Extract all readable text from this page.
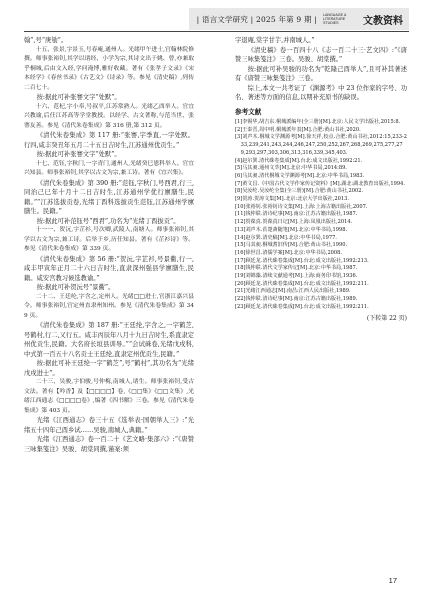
| 语言文学研究 | 2025 年第 9 期 | LANGUAGE & LITERATURE STUDIES	文教资料

翰”,号“庚劬”。

十五、张景,字景玉,号春庵,通州人。光绪甲午进士,官翰林院修撰。师事张裕钊,其学以诸经、小学为宗,其诗文出于姚、曾,亦兼取乎桐城,后由文入经,学问淹博,雅好收藏。著有《张孝子文录》《宋本经学》《春丝书录》《古艺文》《诗录》等。参见《清史稿》,列传二百七十。

按:据此可补张謇文字“处默”。

十六、范杞,字小奉,号叔平,江苏常熟人。光绪乙酉举人。官宜兴教谕,后任江苏高等学堂教授。以经学、古文著称,与范当世、张謇友善。参见《清代朱卷集成》第 316 册,第 312 页。

《清代朱卷集成》第 117 册:“张謇,字季直,一字处默。行四,咸丰癸丑年五月二十五日吉时生,江苏通州优贡生。”

按:据此可补张謇文字“处默”。

十七、范钰,字秋门,一字青门,通州人,光绪癸巳恩科举人。官宜兴知县。师事张裕钊,其学以古文为宗,兼工诗。著有《宜兴集》。

《清代朱卷集成》第 390 册:“范钰,字秋门,号西君,行三,同治己巳年十月十二日吉时生,江苏通州学优行廪膳生,民籍。”“江苏选拔贡卷,光绪丁酉科选拔贡生范钰,江苏通州学廪膳生。民籍。”

按:据此可补范钰号“西君”,功名为“光绪丁酉拔贡”。

十一一、贺沅,字芷衫,号次卿,武陵人,南塘人。师事张裕钊,其学以古文为宗,兼工诗。后举于乡,历任知县。著有《芷衫诗》等。参见《清代朱卷集成》第 339 页。

《清代朱卷集成》第 56 册:“贺沅,字芷衫,号景衢,行一,咸丰甲寅年正月二十六日吉时生,直隶深州强县学廪膳生,民籍。咸安宫教习候选教谕。”

按:据此可补贺沅号“景衢”。

二十二、王廷纶,字含之,定州人。光绪□□进士,官浙江嘉兴县令。师事张裕钊,官定州直隶州知州。参见《清代朱卷集成》第 349 页。

《清代朱卷集成》第 187 册:“王廷纶,字含之,一字鹤芝,号鹤村,行二,又行五。咸丰丙辰年八月十九日吉时生,系直隶定州优贡生,民籍。大名府长垣县训导。”“会试硃卷,光绪戊戌科,中式第一百五十八名贡士王廷纶,直隶定州优贡生,民籍。”

按:据此可补王廷纶一字“鹤芝”,号“鹤村”,其功名为“光绪戊戌进士”。

二十三、吴骏,字伯骏,号仲梅,南城人,诸生。师事张裕钊,受古文法。著有【吟香】及【□□□□】卷,《□□集》《□□文集》,光绪江西通志《□□□□卷》,编著《四书解》三卷。参见《清代朱卷集成》第 403 页。

光绪《江西通志》卷三十五《选举表·国朝举人三》:“光绪五十四年己酉乡试……吴骏,南城人,典籍。”

光绪《江西通志》卷一百二十《艺文略·集部六》:“《唐赞三咏集笺注》吴骏、胡棠同撰,谨案:须

字退庵,棠字甘芋,并南城人。”

《清史稿》卷一百四十八《志一百二十三·艺文四》:“《唐赞三咏集笺注》三卷。吴骏、胡棠撰。”

按:据此可补吴骏的功名为“乾隆己酉举人”,且可补其著述有《唐赞三咏集笺注》三卷。

综上,本文一共考证了《渊源考》中 23 位作家的字号、功名、著述等方面的信息,以期补充原书的缺误。

参考文献
[1]李锡华,胡吉东.桐城派编年(全三册)[M].北京:人民文学出版社,2015:8.
[2]王泰晋,周中明.桐城派年表[M].合肥:黄山书社,2020.
[3]刘声木.桐城文学渊源考[M].徐天祥,校点.合肥:黄山书社,2012:15,233-233,239,241,243,244,246,247,250,252,267,268,269,275,277,279,293,297,303,306,313,316,339,345,403.
[4]赵尔巽.清代硃卷集成[M].台北:成文出版社,1992:21.
[5]马其昶.通州文萃[M].北京:中华书局,2014:89.
[6]马其昶.清代桐城文学渊源考[M].北京:中华书局,1983.
[7]黄文昌.《中国古代文学作家传记资料》[M].湖北:湖北教育出版社,1994.
[8]吴汝纶.吴汝纶全集(全三册)[M].合肥:黄山书社,2002.
[9]贺涛.贺涛文集[M].北京:北京大学出版社,2013.
[10]张裕钊.张裕钊诗文集[M].上海:上海古籍出版社,2007.
[11]钱仲联.清诗纪事[M].南京:江苏古籍出版社,1987.
[12]贺葆真.贺葆真日记[M].上海:凤凰出版社,2014.
[13]刘声木.苌楚斋随笔[M].北京:中华书局,1998.
[14]赵尔巽.清史稿[M].北京:中华书局,1977.
[15]马其昶.桐城耆旧传[M].合肥:黄山书社,1990.
[16]徐世昌.清儒学案[M].北京:中华书局,2008.
[17]顾廷龙.清代硃卷集成[M].台北:成文出版社,1992:213.
[18]钱仲联.清代文学家传记[M].北京:中华书局,1987.
[19]刘锦藻.清续文献通考[M].上海:商务印书馆,1936.
[20]顾廷龙.清代硃卷集成[M].台北:成文出版社,1992:211.
[21]光绪江西通志[M].南昌:江西人民出版社,1989.
[22]钱仲联.清诗纪事[M].南京:江苏古籍出版社,1989.
[23]顾廷龙.清代硃卷集成[M].台北:成文出版社,1992:211.
(下转第 22 页)
17
